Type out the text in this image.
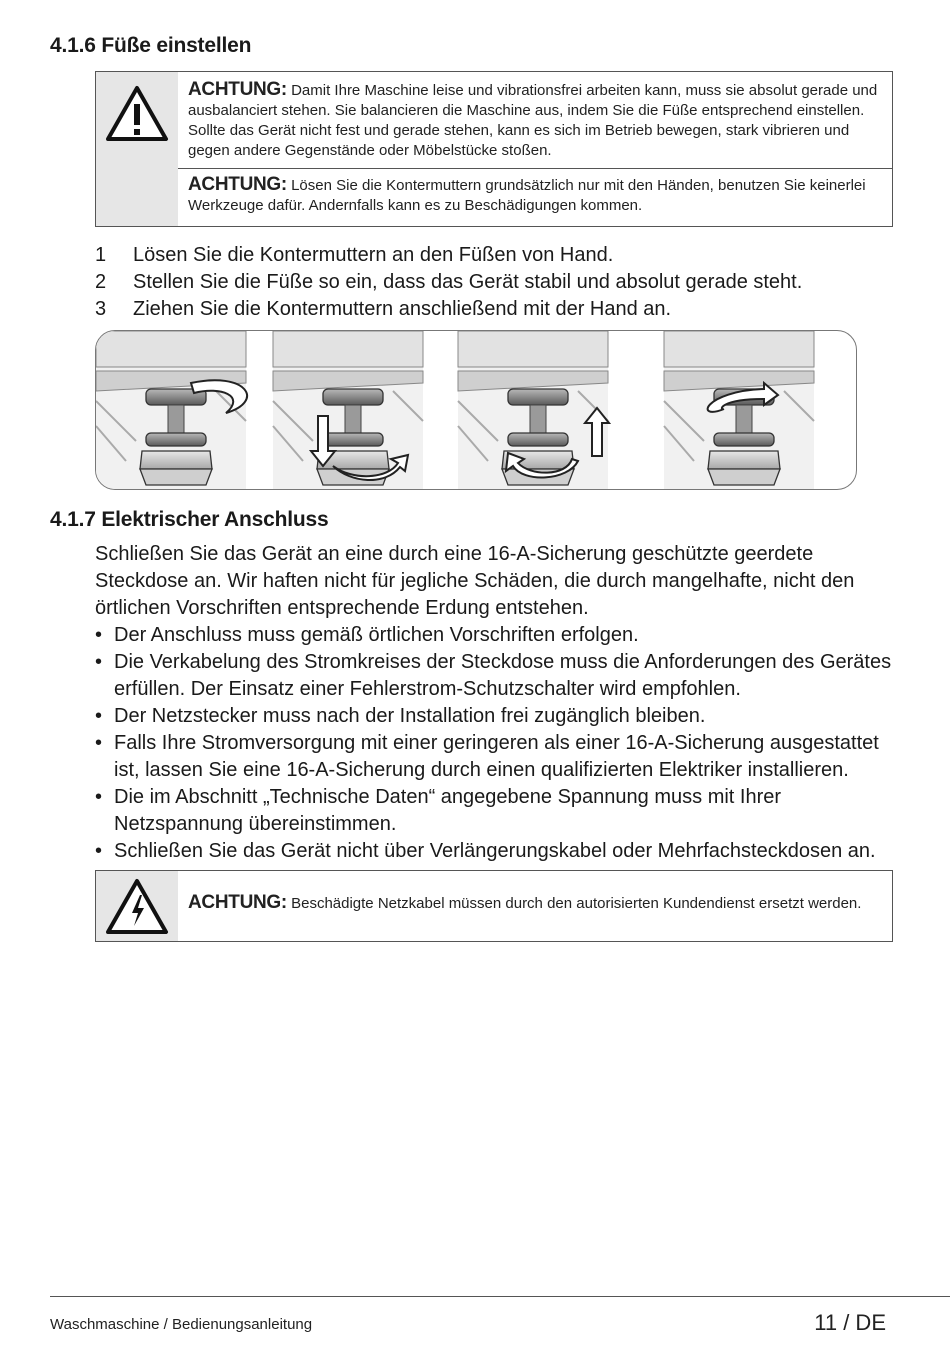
4.1.6 Füße einstellen
ACHTUNG: Damit Ihre Maschine leise und vibrationsfrei arbeiten kann, muss sie absolut gerade und ausbalanciert stehen. Sie balancieren die Maschine aus, indem Sie die Füße entsprechend einstellen. Sollte das Gerät nicht fest und gerade stehen, kann es sich im Betrieb bewegen, stark vibrieren und gegen andere Gegenstände oder Möbelstücke stoßen.
ACHTUNG: Lösen Sie die Kontermuttern grundsätzlich nur mit den Händen, benutzen Sie keinerlei Werkzeuge dafür. Andernfalls kann es zu Beschädigungen kommen.
1	Lösen Sie die Kontermuttern an den Füßen von Hand.
2	Stellen Sie die Füße so ein, dass das Gerät stabil und absolut gerade steht.
3	Ziehen Sie die Kontermuttern anschließend mit der Hand an.
4.1.7 Elektrischer Anschluss
Schließen Sie das Gerät an eine durch eine 16-A-Sicherung geschützte geerdete Steckdose an. Wir haften nicht für jegliche Schäden, die durch mangelhafte, nicht den örtlichen Vorschriften entsprechende Erdung entstehen.
• Der Anschluss muss gemäß örtlichen Vorschriften erfolgen.
• Die Verkabelung des Stromkreises der Steckdose muss die Anforderungen des Gerätes erfüllen. Der Einsatz einer Fehlerstrom-Schutzschalter wird empfohlen.
• Der Netzstecker muss nach der Installation frei zugänglich bleiben.
• Falls Ihre Stromversorgung mit einer geringeren als einer 16-A-Sicherung ausgestattet ist, lassen Sie eine 16-A-Sicherung durch einen qualifizierten Elektriker installieren.
• Die im Abschnitt „Technische Daten“ angegebene Spannung muss mit Ihrer Netzspannung übereinstimmen.
• Schließen Sie das Gerät nicht über Verlängerungskabel oder Mehrfachsteckdosen an.
ACHTUNG: Beschädigte Netzkabel müssen durch den autorisierten Kundendienst ersetzt werden.
Waschmaschine / Bedienungsanleitung	11 / DE
